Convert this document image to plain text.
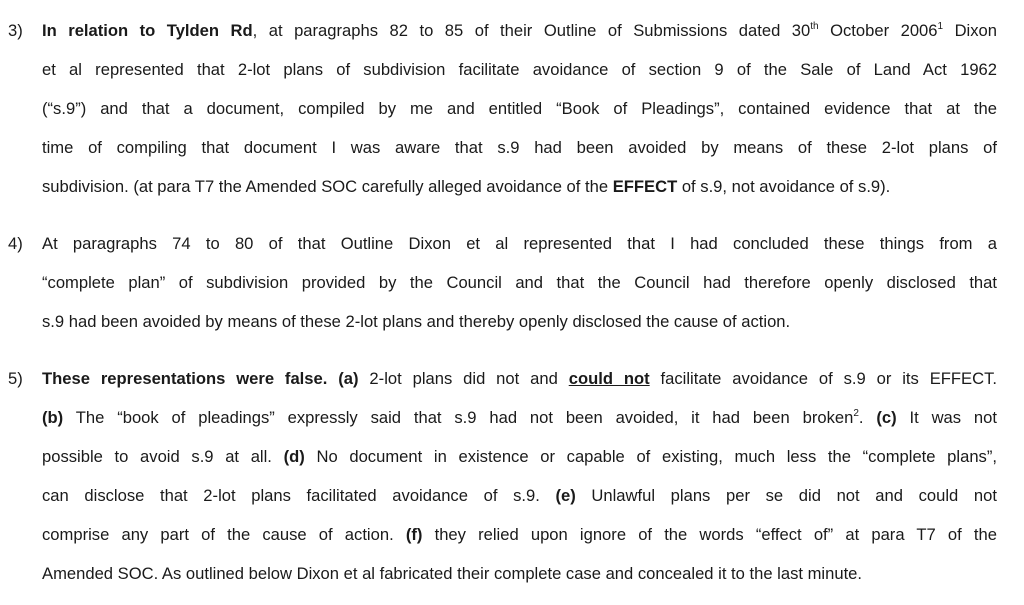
3) In relation to Tylden Rd, at paragraphs 82 to 85 of their Outline of Submissions dated 30th October 2006$^1$ Dixon
et al represented that 2-lot plans of subdivision facilitate avoidance of section 9 of the Sale of Land Act 1962
(“s.9”) and that a document, compiled by me and entitled “Book of Pleadings”, contained evidence that at the
time of compiling that document I was aware that s.9 had been avoided by means of these 2-lot plans of
subdivision. (at para T7 the Amended SOC carefully alleged avoidance of the EFFECT of s.9, not avoidance of s.9).
4) At paragraphs 74 to 80 of that Outline Dixon et al represented that I had concluded these things from a
“complete plan” of subdivision provided by the Council and that the Council had therefore openly disclosed that
s.9 had been avoided by means of these 2-lot plans and thereby openly disclosed the cause of action.
5) These representations were false. (a) 2-lot plans did not and could not facilitate avoidance of s.9 or its EFFECT.
(b) The “book of pleadings” expressly said that s.9 had not been avoided, it had been broken$^2$. (c) It was not
possible to avoid s.9 at all. (d) No document in existence or capable of existing, much less the “complete plans”,
can disclose that 2-lot plans facilitated avoidance of s.9. (e) Unlawful plans per se did not and could not
comprise any part of the cause of action. (f) they relied upon ignore of the words “effect of” at para T7 of the
Amended SOC. As outlined below Dixon et al fabricated their complete case and concealed it to the last minute.
